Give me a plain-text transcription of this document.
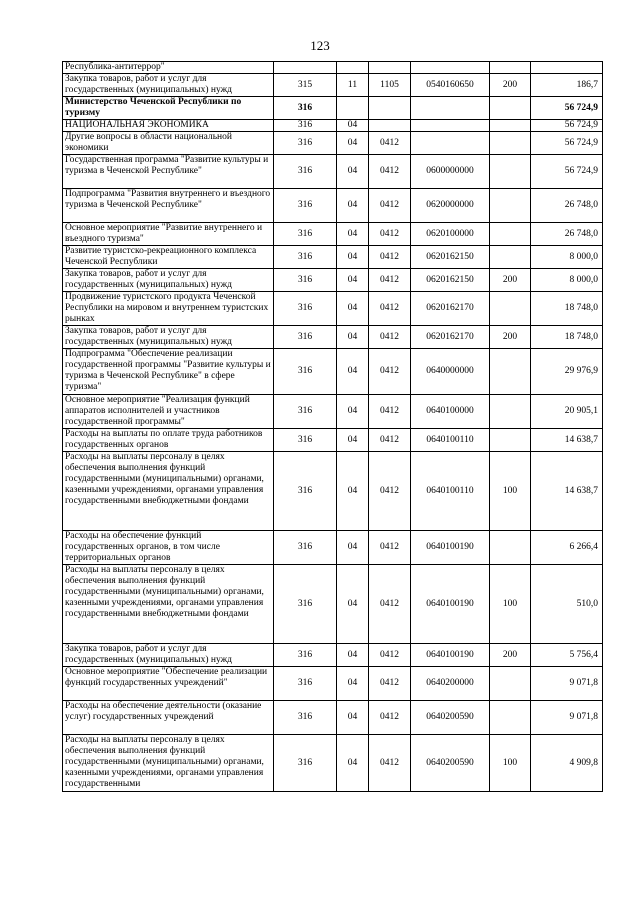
123
Республика-антитеррор"						
Закупка товаров, работ и услуг для государственных (муниципальных) нужд	315	11	1105	0540160650	200	186,7
Министерство Чеченской Республики по туризму	316					56 724,9
НАЦИОНАЛЬНАЯ ЭКОНОМИКА	316	04				56 724,9
Другие вопросы в области национальной экономики	316	04	0412			56 724,9
Государственная программа "Развитие культуры и туризма в Чеченской Республике"	316	04	0412	0600000000		56 724,9
Подпрограмма "Развития внутреннего и въездного туризма в Чеченской Республике"	316	04	0412	0620000000		26 748,0
Основное мероприятие "Развитие внутреннего и въездного туризма"	316	04	0412	0620100000		26 748,0
Развитие туристско-рекреационного комплекса Чеченской Республики	316	04	0412	0620162150		8 000,0
Закупка товаров, работ и услуг для государственных (муниципальных) нужд	316	04	0412	0620162150	200	8 000,0
Продвижение туристского продукта Чеченской Республики на мировом и внутреннем туристских рынках	316	04	0412	0620162170		18 748,0
Закупка товаров, работ и услуг для государственных (муниципальных) нужд	316	04	0412	0620162170	200	18 748,0
Подпрограмма "Обеспечение реализации государственной программы "Развитие культуры и туризма в Чеченской Республике" в сфере туризма"	316	04	0412	0640000000		29 976,9
Основное мероприятие "Реализация функций аппаратов исполнителей и участников государственной программы"	316	04	0412	0640100000		20 905,1
Расходы на выплаты по оплате труда работников государственных органов	316	04	0412	0640100110		14 638,7
Расходы на выплаты персоналу в целях обеспечения выполнения функций государственными (муниципальными) органами, казенными учреждениями, органами управления государственными внебюджетными фондами	316	04	0412	0640100110	100	14 638,7
Расходы на обеспечение функций государственных органов, в том числе территориальных органов	316	04	0412	0640100190		6 266,4
Расходы на выплаты персоналу в целях обеспечения выполнения функций государственными (муниципальными) органами, казенными учреждениями, органами управления государственными внебюджетными фондами	316	04	0412	0640100190	100	510,0
Закупка товаров, работ и услуг для государственных (муниципальных) нужд	316	04	0412	0640100190	200	5 756,4
Основное мероприятие "Обеспечение реализации функций государственных учреждений"	316	04	0412	0640200000		9 071,8
Расходы на обеспечение деятельности (оказание услуг) государственных учреждений	316	04	0412	0640200590		9 071,8
Расходы на выплаты персоналу в целях обеспечения выполнения функций государственными (муниципальными) органами, казенными учреждениями, органами управления государственными	316	04	0412	0640200590	100	4 909,8
